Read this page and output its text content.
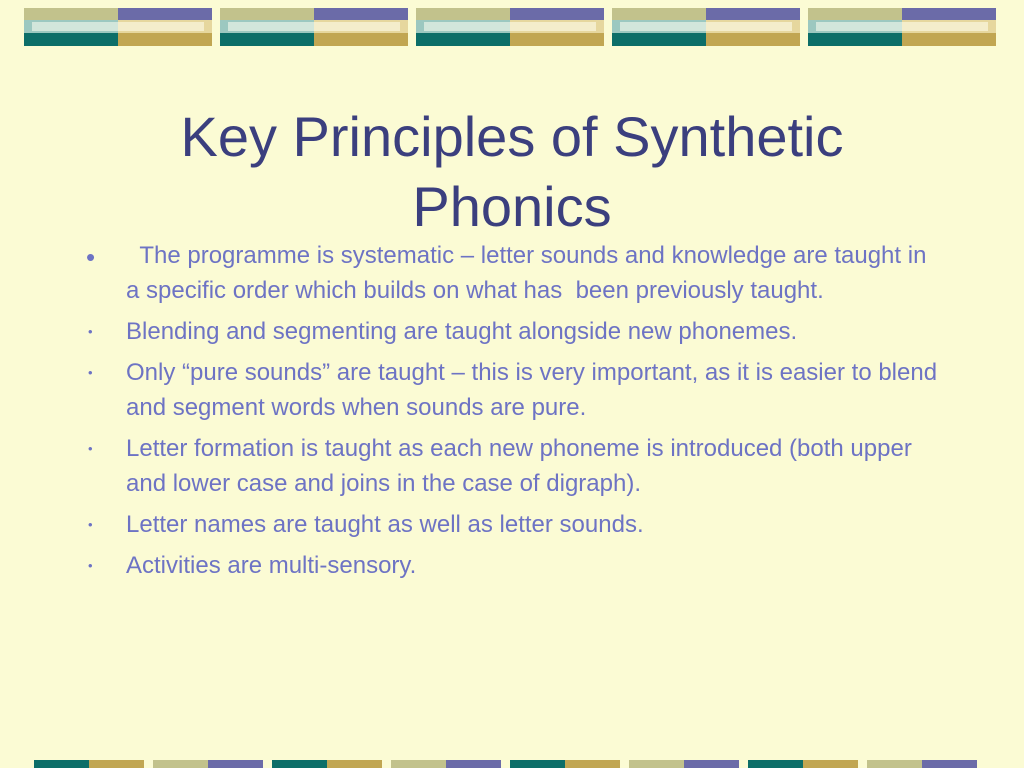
Key Principles of Synthetic
Phonics
• The programme is systematic – letter sounds and knowledge are taught in a specific order which builds on what has  been previously taught.
• Blending and segmenting are taught alongside new phonemes.
• Only “pure sounds” are taught – this is very important, as it is easier to blend and segment words when sounds are pure.
• Letter formation is taught as each new phoneme is introduced (both upper and lower case and joins in the case of digraph).
• Letter names are taught as well as letter sounds.
• Activities are multi-sensory.
